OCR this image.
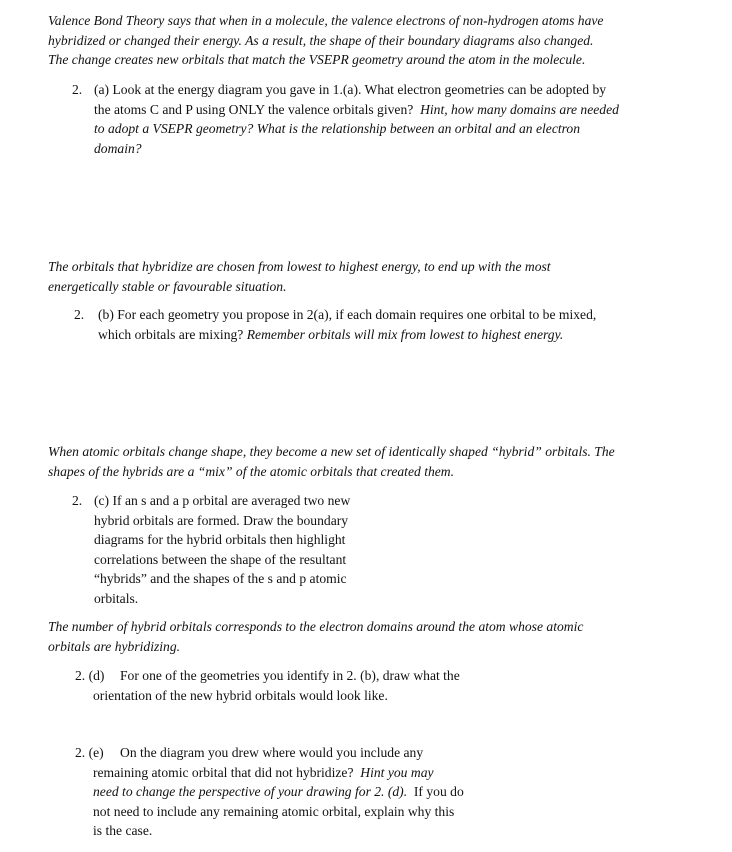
Valence Bond Theory says that when in a molecule, the valence electrons of non-hydrogen atoms have
hybridized or changed their energy. As a result, the shape of their boundary diagrams also changed.
The change creates new orbitals that match the VSEPR geometry around the atom in the molecule.
2. (a) Look at the energy diagram you gave in 1.(a). What electron geometries can be adopted by
the atoms C and P using ONLY the valence orbitals given? Hint, how many domains are needed
to adopt a VSEPR geometry? What is the relationship between an orbital and an electron
domain?
The orbitals that hybridize are chosen from lowest to highest energy, to end up with the most
energetically stable or favourable situation.
2. (b) For each geometry you propose in 2(a), if each domain requires one orbital to be mixed,
which orbitals are mixing? Remember orbitals will mix from lowest to highest energy.
When atomic orbitals change shape, they become a new set of identically shaped “hybrid” orbitals. The
shapes of the hybrids are a “mix” of the atomic orbitals that created them.
2. (c) If an s and a p orbital are averaged two new
hybrid orbitals are formed. Draw the boundary
diagrams for the hybrid orbitals then highlight
correlations between the shape of the resultant
“hybrids” and the shapes of the s and p atomic
orbitals.
The number of hybrid orbitals corresponds to the electron domains around the atom whose atomic
orbitals are hybridizing.
2. (d)	For one of the geometries you identify in 2. (b), draw what the
orientation of the new hybrid orbitals would look like.
2. (e)	On the diagram you drew where would you include any
remaining atomic orbital that did not hybridize? Hint you may
need to change the perspective of your drawing for 2. (d). If you do
not need to include any remaining atomic orbital, explain why this
is the case.
